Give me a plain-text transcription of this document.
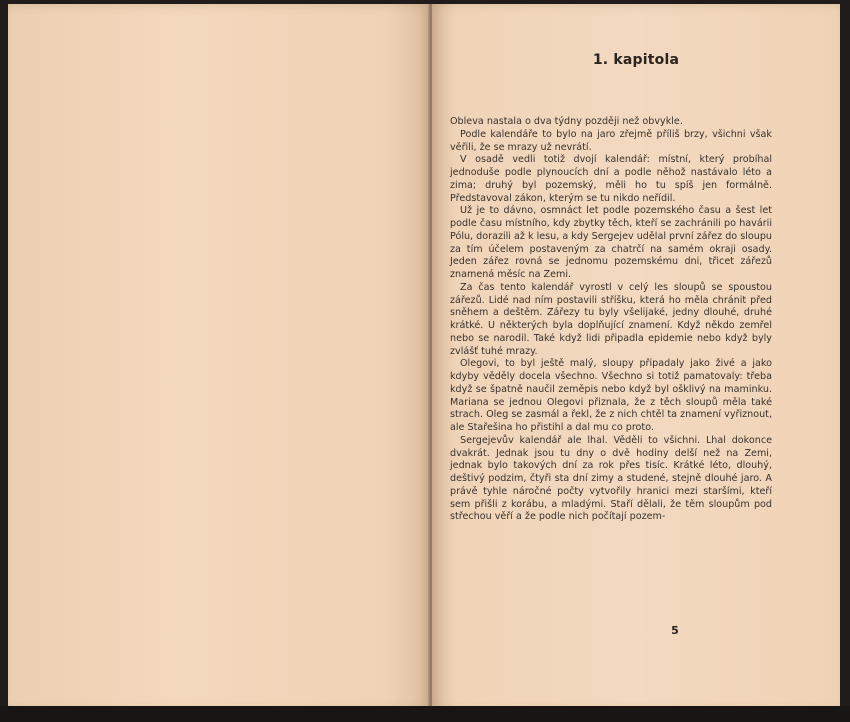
1. kapitola

Obleva nastala o dva týdny později než obvykle.

Podle kalendáře to bylo na jaro zřejmě příliš brzy, všichni však věřili, že se mrazy už nevrátí.

V osadě vedli totiž dvojí kalendář: místní, který probíhal jednoduše podle plynoucích dní a podle něhož nastávalo léto a zima; druhý byl pozemský, měli ho tu spíš jen formálně. Představoval zákon, kterým se tu nikdo neřídil.

Už je to dávno, osmnáct let podle pozemského času a šest let podle času místního, kdy zbytky těch, kteří se zachránili po havárii Pólu, dorazili až k lesu, a kdy Sergejev udělal první zářez do sloupu za tím účelem postaveným za chatrčí na samém okraji osady. Jeden zářez rovná se jednomu pozemskému dni, třicet zářezů znamená měsíc na Zemi.

Za čas tento kalendář vyrostl v celý les sloupů se spoustou zářezů. Lidé nad ním postavili stříšku, která ho měla chránit před sněhem a deštěm. Zářezy tu byly všelijaké, jedny dlouhé, druhé krátké. U některých byla doplňující znamení. Když někdo zemřel nebo se narodil. Také když lidi připadla epidemie nebo když byly zvlášť tuhé mrazy.

Olegovi, to byl ještě malý, sloupy připadaly jako živé a jako kdyby věděly docela všechno. Všechno si totiž pamatovaly: třeba když se špatně naučil zeměpis nebo když byl ošklivý na maminku. Mariana se jednou Olegovi přiznala, že z těch sloupů měla také strach. Oleg se zasmál a řekl, že z nich chtěl ta znamení vyřiznout, ale Stařešina ho přistihl a dal mu co proto.

Sergejevův kalendář ale lhal. Věděli to všichni. Lhal dokonce dvakrát. Jednak jsou tu dny o dvě hodiny delší než na Zemi, jednak bylo takových dní za rok přes tisíc. Krátké léto, dlouhý, deštivý podzim, čtyři sta dní zimy a studené, stejně dlouhé jaro. A právě tyhle náročné počty vytvořily hranici mezi staršími, kteří sem přišli z korábu, a mladými. Staří dělali, že těm sloupům pod střechou věří a že podle nich počítají pozem-

5
